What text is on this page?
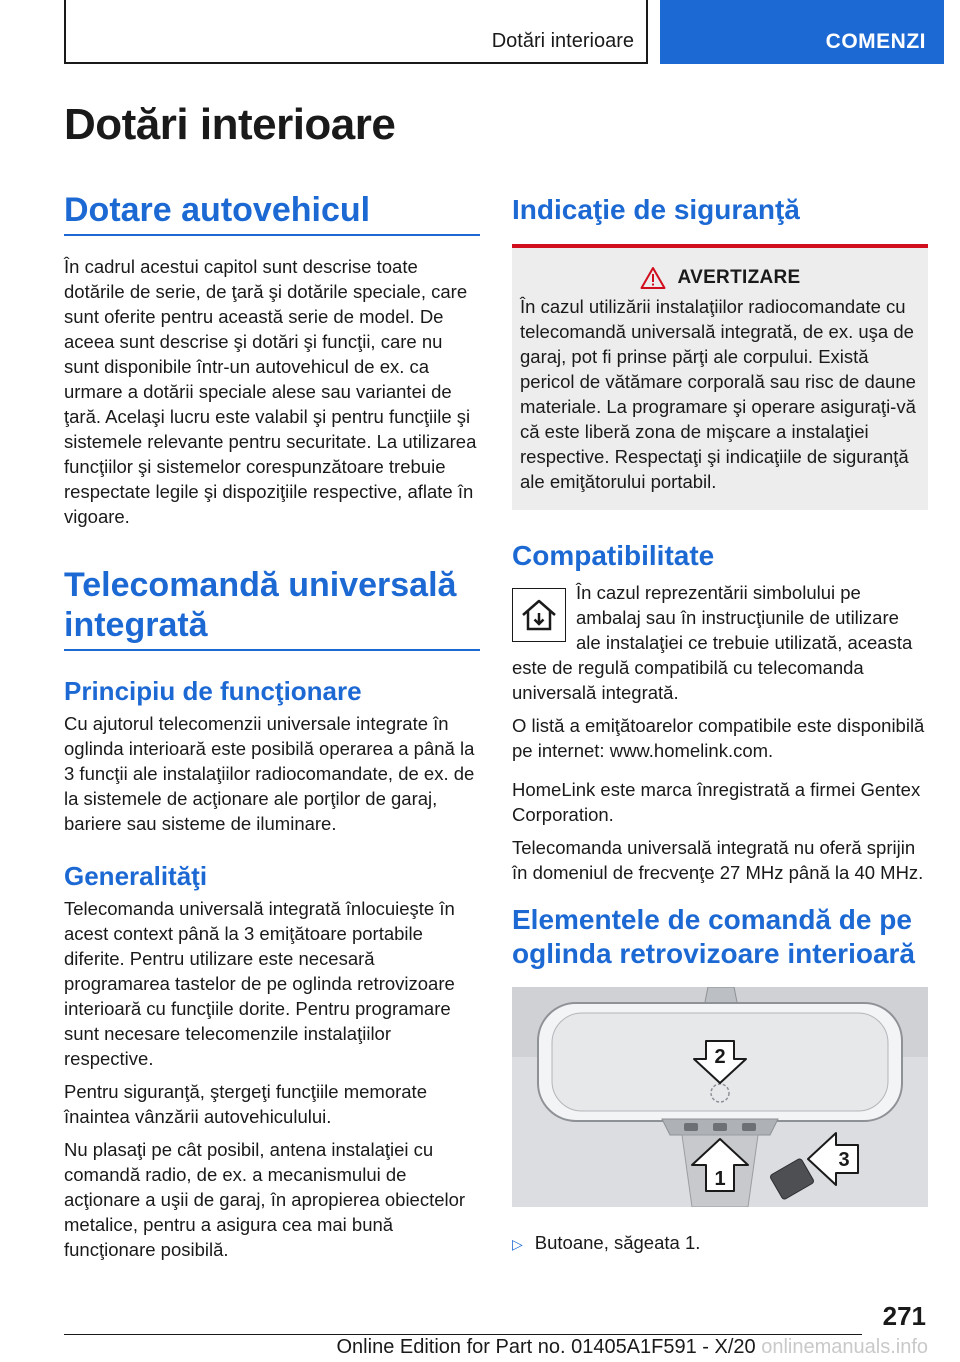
Dotări interioare	COMENZI
Dotări interioare
Dotare autovehicul

În cadrul acestui capitol sunt descrise toate dotările de serie, de ţară şi dotările speciale, care sunt oferite pentru această serie de model. De aceea sunt descrise şi dotări şi funcţii, care nu sunt disponibile într-un autovehicul de ex. ca urmare a dotării speciale alese sau variantei de ţară. Acelaşi lucru este valabil şi pentru funcţiile şi sistemele relevante pentru securitate. La utilizarea funcţiilor şi sistemelor corespunzătoare trebuie respectate legile şi dispoziţiile respective, aflate în vigoare.

Telecomandă universală integrată
Principiu de funcţionare

Cu ajutorul telecomenzii universale integrate în oglinda interioară este posibilă operarea a până la 3 funcţii ale instalaţiilor radiocomandate, de ex. de la sistemele de acţionare ale porţilor de garaj, bariere sau sisteme de iluminare.

Generalităţi

Telecomanda universală integrată înlocuieşte în acest context până la 3 emiţătoare portabile diferite. Pentru utilizare este necesară programarea tastelor de pe oglinda retrovizoare interioară cu funcţiile dorite. Pentru programare sunt necesare telecomenzile instalaţiilor respective.

Pentru siguranţă, ştergeţi funcţiile memorate înaintea vânzării autovehiculului.

Nu plasaţi pe cât posibil, antena instalaţiei cu comandă radio, de ex. a mecanismului de acţionare a uşii de garaj, în apropierea obiectelor metalice, pentru a asigura cea mai bună funcţionare posibilă.

Indicaţie de siguranţă
AVERTIZARE

În cazul utilizării instalaţiilor radiocomandate cu telecomandă universală integrată, de ex. uşa de garaj, pot fi prinse părţi ale corpului. Există pericol de vătămare corporală sau risc de daune materiale. La programare şi operare asiguraţi-vă că este liberă zona de mişcare a instalaţiei respective. Respectaţi şi indicaţiile de siguranţă ale emiţătorului portabil.

Compatibilitate

În cazul reprezentării simbolului pe ambalaj sau în instrucţiunile de utilizare ale instalaţiei ce trebuie utilizată, aceasta este de regulă compatibilă cu telecomanda universală integrată.

O listă a emiţătoarelor compatibile este disponibilă pe internet: www.homelink.com.

HomeLink este marca înregistrată a firmei Gentex Corporation.

Telecomanda universală integrată nu oferă sprijin în domeniul de frecvenţe 27 MHz până la 40 MHz.

Elementele de comandă de pe oglinda retrovizoare interioară
2
1
3
▷ Butoane, săgeata 1.
271
Online Edition for Part no. 01405A1F591 - X/20 onlinemanuals.info
